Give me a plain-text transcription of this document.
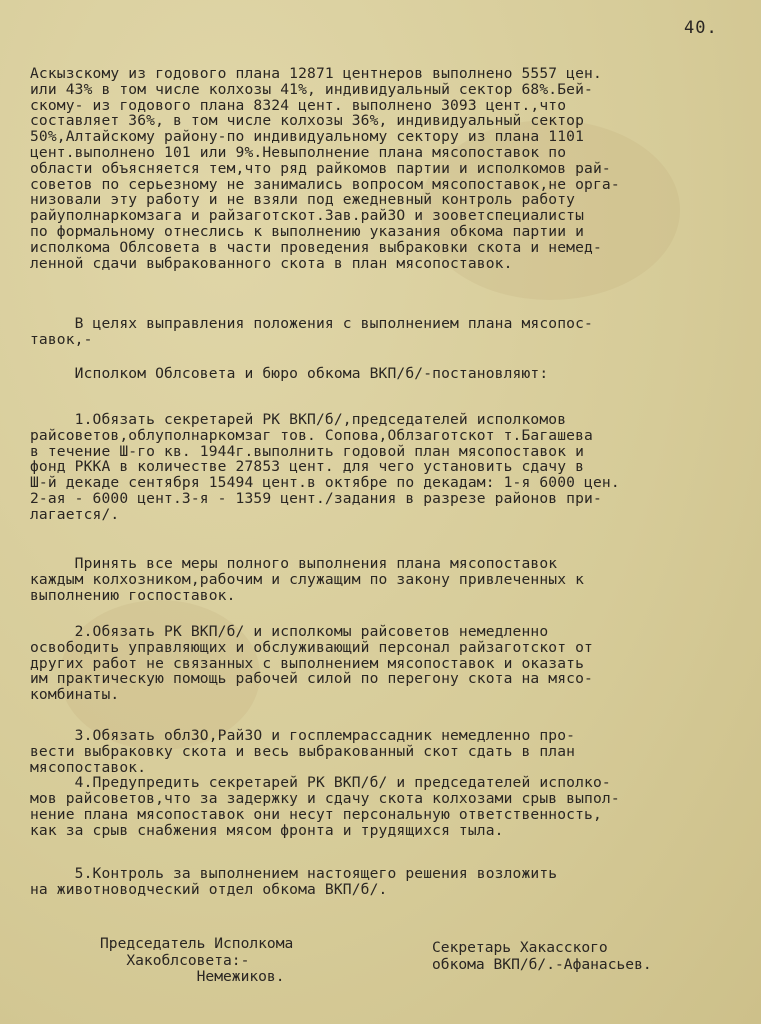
40.
Аскызскому из годового плана 12871 центнеров выполнено 5557 цен.
или 43% в том числе колхозы 41%, индивидуальный сектор 68%.Бей-
скому- из годового плана 8324 цент. выполнено 3093 цент.,что
составляет 36%, в том числе колхозы 36%, индивидуальный сектор
50%,Алтайскому району-по индивидуальному сектору из плана 1101
цент.выполнено 101 или 9%.Невыполнение плана мясопоставок по
области объясняется тем,что ряд райкомов партии и исполкомов рай-
советов по серьезному не занимались вопросом мясопоставок,не орга-
низовали эту работу и не взяли под ежедневный контроль работу
райуполнаркомзага и райзаготскот.Зав.райЗО и зооветспециалисты
по формальному отнеслись к выполнению указания обкома партии и
исполкома Облсовета в части проведения выбраковки скота и немед-
ленной сдачи выбракованного скота в план мясопоставок.
В целях выправления положения с выполнением плана мясопос-
тавок,-
Исполком Облсовета и бюро обкома ВКП/б/-постановляют:
1.Обязать секретарей РК ВКП/б/,председателей исполкомов
райсоветов,облуполнаркомзаг тов. Сопова,Облзаготскот т.Багашева
в течение Ш-го кв. 1944г.выполнить годовой план мясопоставок и
фонд РККА в количестве 27853 цент. для чего установить сдачу в
Ш-й декаде сентября 15494 цент.в октябре по декадам: 1-я 6000 цен.
2-ая - 6000 цент.3-я - 1359 цент./задания в разрезе районов при-
лагается/.
Принять все меры полного выполнения плана мясопоставок
каждым колхозником,рабочим и служащим по закону привлеченных к
выполнению госпоставок.
2.Обязать РК ВКП/б/ и исполкомы райсоветов немедленно
освободить управляющих и обслуживающий персонал райзаготскот от
других работ не связанных с выполнением мясопоставок и оказать
им практическую помощь рабочей силой по перегону скота на мясо-
комбинаты.
3.Обязать облЗО,РайЗО и госплемрассадник немедленно про-
вести выбраковку скота и весь выбракованный скот сдать в план
мясопоставок.
4.Предупредить секретарей РК ВКП/б/ и председателей исполко-
мов райсоветов,что за задержку и сдачу скота колхозами срыв выпол-
нение плана мясопоставок они несут персональную ответственность,
как за срыв снабжения мясом фронта и трудящихся тыла.
5.Контроль за выполнением настоящего решения возложить
на животноводческий отдел обкома ВКП/б/.
Председатель Исполкома
Хакоблсовета:-
Немежиков.
Секретарь Хакасского
обкома ВКП/б/.-Афанасьев.
